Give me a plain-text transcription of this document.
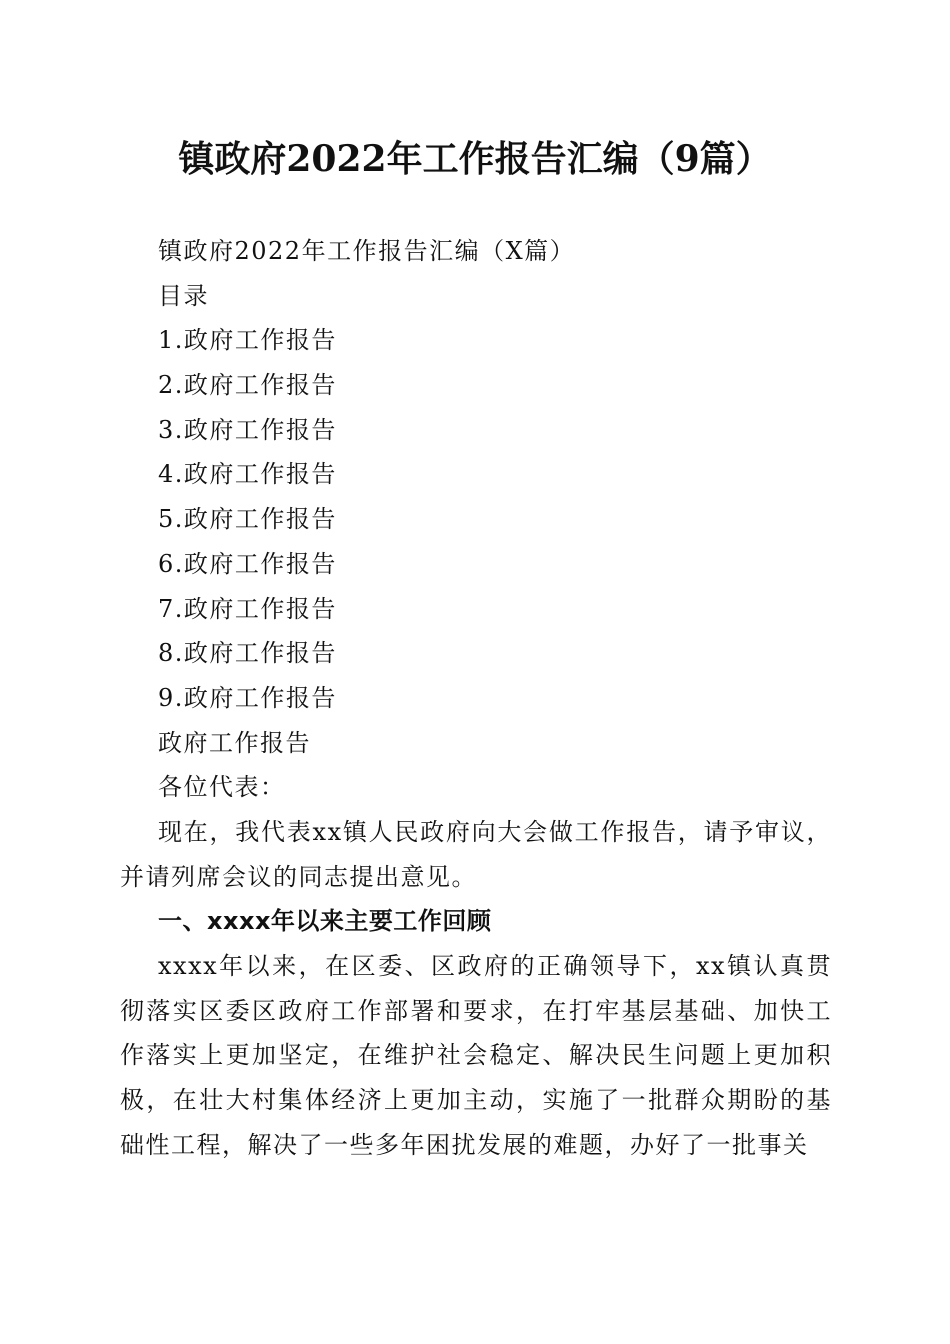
镇政府2022年工作报告汇编（9篇）
镇政府2022年工作报告汇编（X篇）
目录
1.政府工作报告
2.政府工作报告
3.政府工作报告
4.政府工作报告
5.政府工作报告
6.政府工作报告
7.政府工作报告
8.政府工作报告
9.政府工作报告
政府工作报告
各位代表：
现在，我代表xx镇人民政府向大会做工作报告，请予审议，并请列席会议的同志提出意见。
一、xxxx年以来主要工作回顾
xxxx年以来，在区委、区政府的正确领导下，xx镇认真贯彻落实区委区政府工作部署和要求，在打牢基层基础、加快工作落实上更加坚定，在维护社会稳定、解决民生问题上更加积极，在壮大村集体经济上更加主动，实施了一批群众期盼的基础性工程，解决了一些多年困扰发展的难题，办好了一批事关
